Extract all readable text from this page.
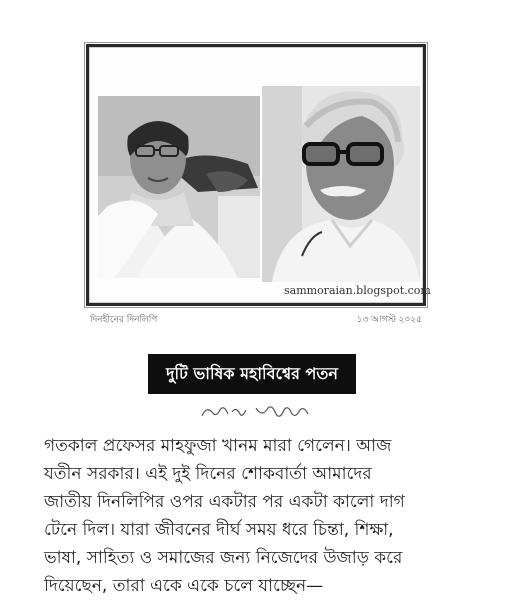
sammoraian.blogspot.com
দিনহীনের দিনলিপি	১৩ আগস্ট ২০২৫
দুটি ভাষিক মহাবিশ্বের পতন
গতকাল প্রফেসর মাহফুজা খানম মারা গেলেন। আজ
যতীন সরকার। এই দুই দিনের শোকবার্তা আমাদের
জাতীয় দিনলিপির ওপর একটার পর একটা কালো দাগ
টেনে দিল। যারা জীবনের দীর্ঘ সময় ধরে চিন্তা, শিক্ষা,
ভাষা, সাহিত্য ও সমাজের জন্য নিজেদের উজাড় করে
দিয়েছেন, তারা একে একে চলে যাচ্ছেন—
